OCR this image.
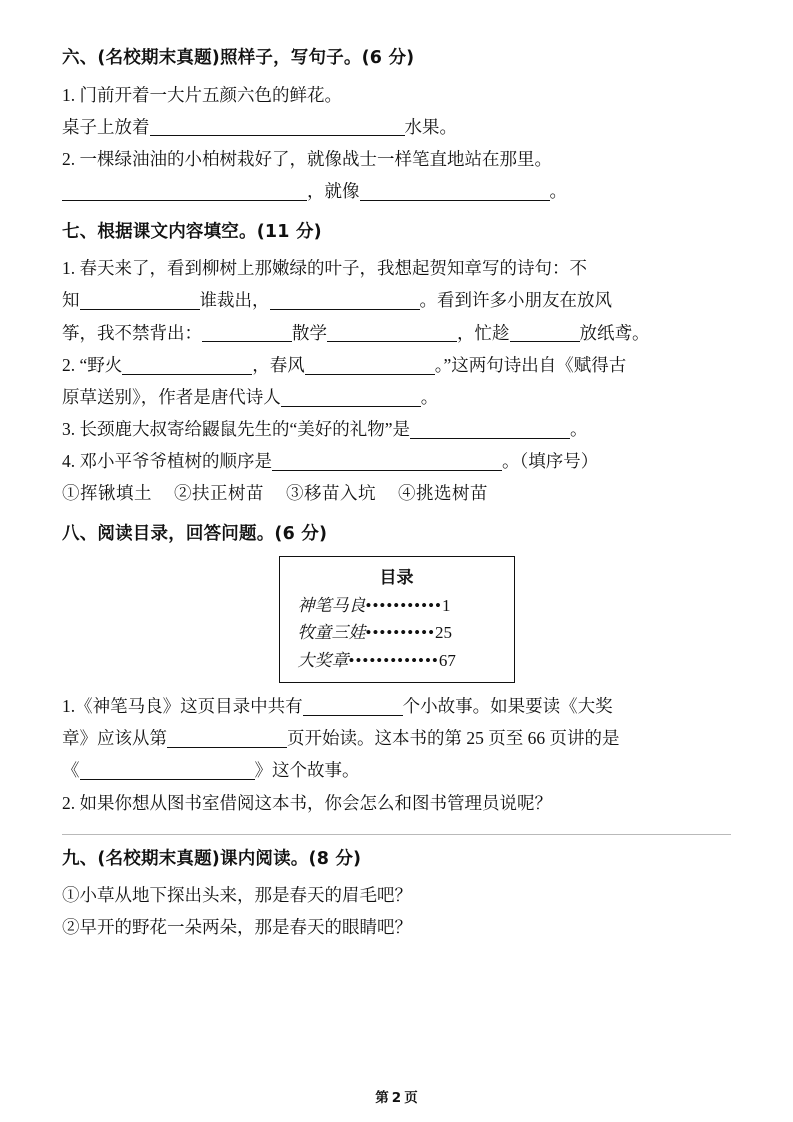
六、(名校期末真题)照样子，写句子。(6 分)
1. 门前开着一大片五颜六色的鲜花。
桌子上放着	水果。
2. 一棵绿油油的小柏树栽好了，就像战士一样笔直地站在那里。
，就像	。
七、根据课文内容填空。(11 分)
1. 春天来了，看到柳树上那嫩绿的叶子，我想起贺知章写的诗句：不
知	谁裁出，	。看到许多小朋友在放风
筝，我不禁背出：	散学	，忙趁	放纸鸢。
2. “野火	，春风	。”这两句诗出自《赋得古
原草送别》，作者是唐代诗人	。
3. 长颈鹿大叔寄给鼹鼠先生的“美好的礼物”是	。
4. 邓小平爷爷植树的顺序是	。（填序号）
①挥锹填土 ②扶正树苗 ③移苗入坑 ④挑选树苗
八、阅读目录，回答问题。(6 分)
目录
神笔马良•••••••••••1
牧童三娃••••••••••25
大奖章•••••••••••••67
1.《神笔马良》这页目录中共有	个小故事。如果要读《大奖
章》应该从第	页开始读。这本书的第 25 页至 66 页讲的是
《	》这个故事。
2. 如果你想从图书室借阅这本书，你会怎么和图书管理员说呢？
九、(名校期末真题)课内阅读。(8 分)
①小草从地下探出头来，那是春天的眉毛吧？
②早开的野花一朵两朵，那是春天的眼睛吧？
第 2 页
